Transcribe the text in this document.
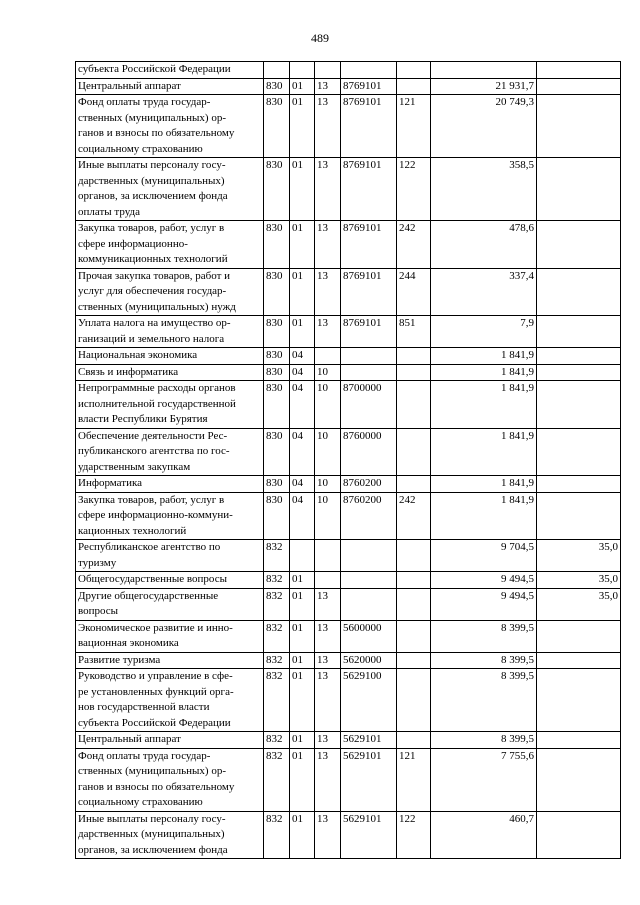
489
субъекта Российской Федерации							

Центральный аппарат	830	01	13	8769101		21 931,7	

Фонд оплаты труда государ-
ственных (муниципальных) ор-
ганов и взносы по обязательному
социальному страхованию	830	01	13	8769101	121	20 749,3	

Иные выплаты персоналу госу-
дарственных (муниципальных)
органов, за исключением фонда
оплаты труда	830	01	13	8769101	122	358,5	

Закупка товаров, работ, услуг в
сфере информационно-
коммуникационных технологий	830	01	13	8769101	242	478,6	

Прочая закупка товаров, работ и
услуг для обеспечения государ-
ственных (муниципальных) нужд	830	01	13	8769101	244	337,4	

Уплата налога на имущество ор-
ганизаций и земельного налога	830	01	13	8769101	851	7,9	

Национальная экономика	830	04				1 841,9	

Связь и информатика	830	04	10			1 841,9	

Непрограммные расходы органов
исполнительной государственной
власти Республики Бурятия	830	04	10	8700000		1 841,9	

Обеспечение деятельности Рес-
публиканского агентства по гос-
ударственным закупкам	830	04	10	8760000		1 841,9	

Информатика	830	04	10	8760200		1 841,9	

Закупка товаров, работ, услуг в
сфере информационно-коммуни-
кационных технологий	830	04	10	8760200	242	1 841,9	

Республиканское агентство по
туризму	832					9 704,5	35,0

Общегосударственные вопросы	832	01				9 494,5	35,0

Другие общегосударственные
вопросы	832	01	13			9 494,5	35,0

Экономическое развитие и инно-
вационная экономика	832	01	13	5600000		8 399,5	

Развитие туризма	832	01	13	5620000		8 399,5	

Руководство и управление в сфе-
ре установленных функций орга-
нов государственной власти
субъекта Российской Федерации	832	01	13	5629100		8 399,5	

Центральный аппарат	832	01	13	5629101		8 399,5	

Фонд оплаты труда государ-
ственных (муниципальных) ор-
ганов и взносы по обязательному
социальному страхованию	832	01	13	5629101	121	7 755,6	

Иные выплаты персоналу госу-
дарственных (муниципальных)
органов, за исключением фонда	832	01	13	5629101	122	460,7	
